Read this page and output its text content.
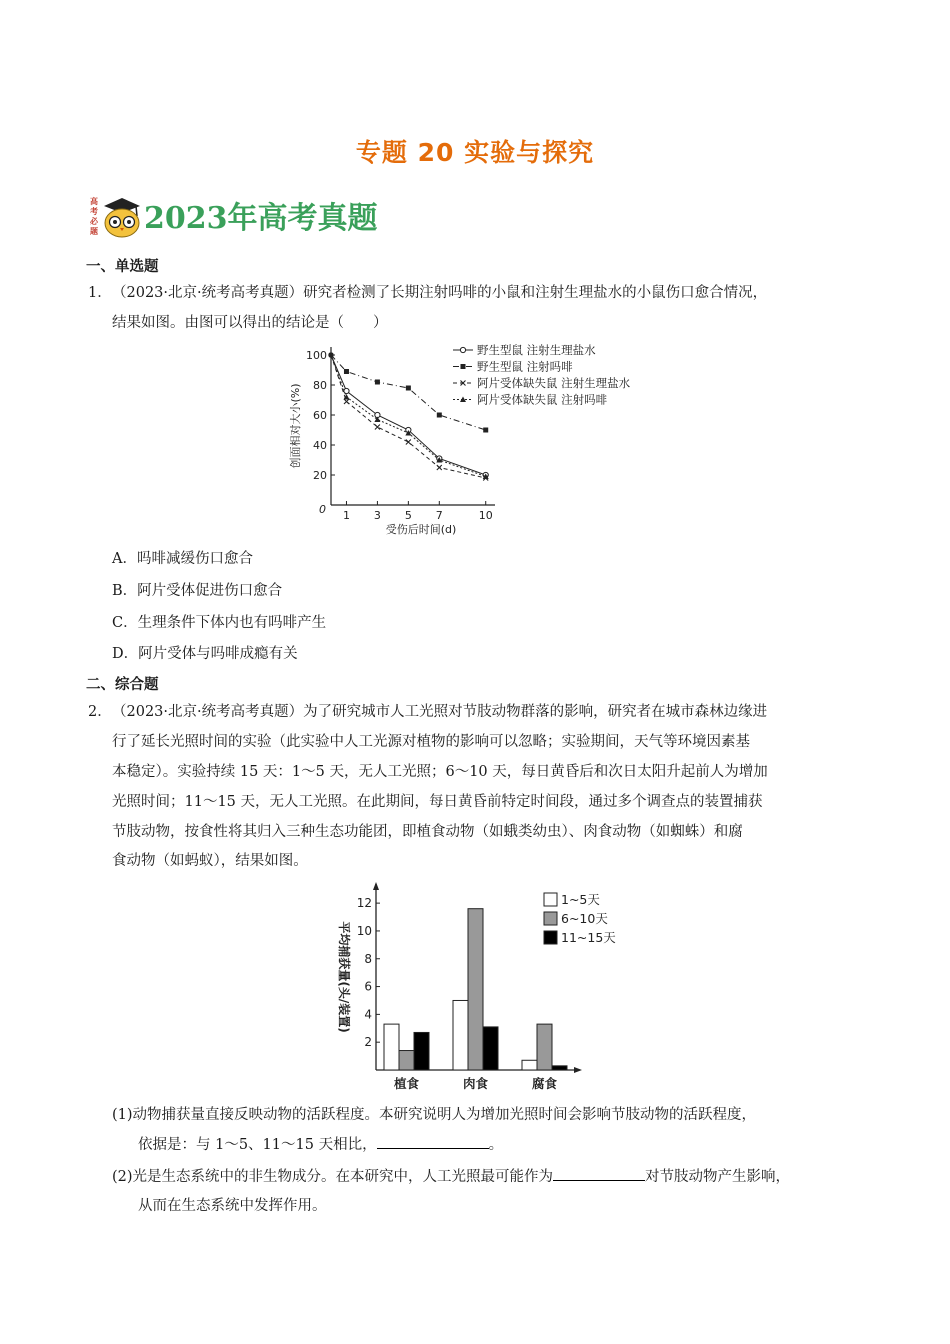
专题 20 实验与探究
高
考
必
题 2023年高考真题
一、单选题
1． （2023·北京·统考高考真题）研究者检测了长期注射吗啡的小鼠和注射生理盐水的小鼠伤口愈合情况，
结果如图。由图可以得出的结论是（　　）
20
40
60
80
100
1 3 5 7	10
野生型鼠 注射生理盐水
野生型鼠 注射吗啡
阿片受体缺失鼠 注射生理盐水
阿片受体缺失鼠 注射吗啡
创面相对大小(%)
受伤后时间(d)
0
A．吗啡减缓伤口愈合
B．阿片受体促进伤口愈合
C．生理条件下体内也有吗啡产生
D．阿片受体与吗啡成瘾有关
二、综合题
2． （2023·北京·统考高考真题）为了研究城市人工光照对节肢动物群落的影响，研究者在城市森林边缘进
行了延长光照时间的实验（此实验中人工光源对植物的影响可以忽略；实验期间，天气等环境因素基
本稳定）。实验持续 15 天：1～5 天，无人工光照；6～10 天，每日黄昏后和次日太阳升起前人为增加
光照时间；11～15 天，无人工光照。在此期间，每日黄昏前特定时间段，通过多个调查点的装置捕获
节肢动物，按食性将其归入三种生态功能团，即植食动物（如蛾类幼虫）、肉食动物（如蜘蛛）和腐
食动物（如蚂蚁），结果如图。
2
4
6
8
10
12
植食	肉食	腐食
1~5天
6~10天
11~15天
平均捕获量(头/装置)
(1)动物捕获量直接反映动物的活跃程度。本研究说明人为增加光照时间会影响节肢动物的活跃程度，
依据是：与 1～5、11～15 天相比，	。
(2)光是生态系统中的非生物成分。在本研究中，人工光照最可能作为	对节肢动物产生影响，
从而在生态系统中发挥作用。
